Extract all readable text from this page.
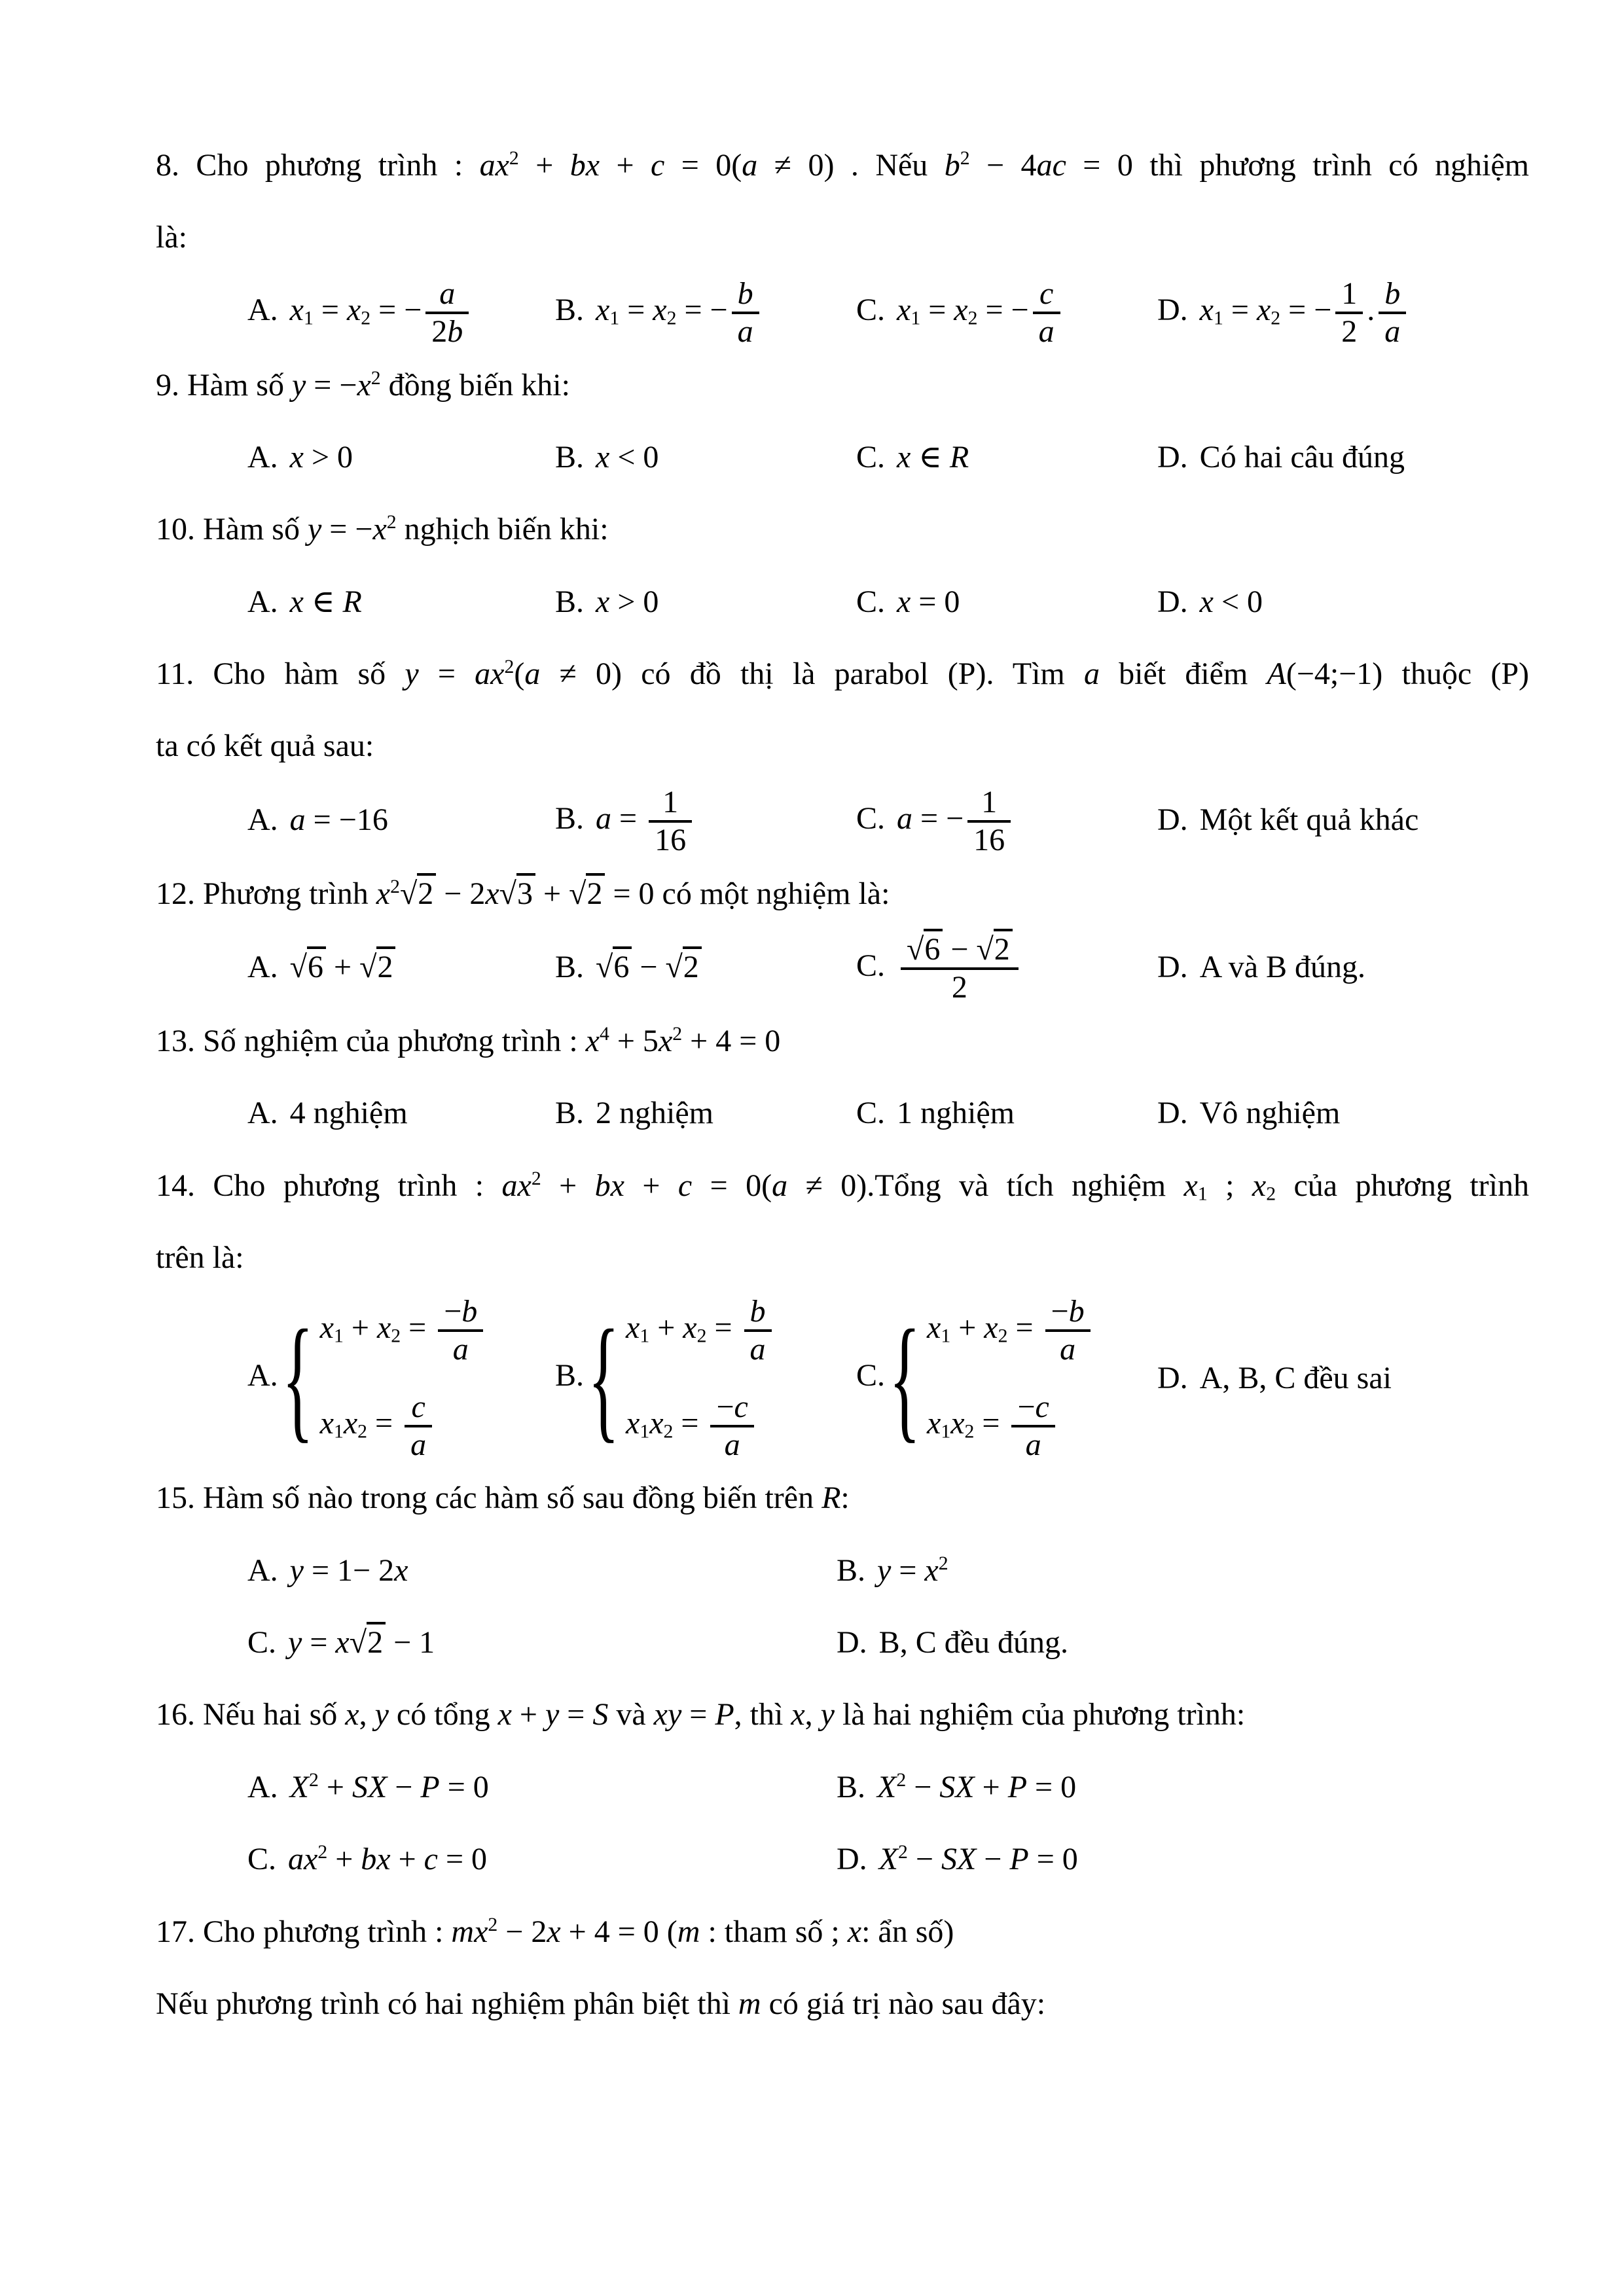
8. Cho phương trình : $ax^2$ + bx + c = 0(a ≠ 0) . Nếu $b^2 - 4ac = 0$ thì phương trình có nghiệm
là:
A. $x_1 = x_2$ = − $\frac{a}{2b}$	B. $x_1 = x_2$ = − $\frac{b}{a}$	C. $x_1 = x_2$ = − $\frac{c}{a}$	D. $x_1 = x_2$ = − $\frac{1}{2}$ . $\frac{b}{a}$
9. Hàm số $y = -x^2$ đồng biến khi:
A. x > 0	B. x < 0	C. x ∈ R	D. Có hai câu đúng
10. Hàm số $y = -x^2$ nghịch biến khi:
A. x ∈ R	B. x > 0	C. x = 0	D. x < 0
11. Cho hàm số $y = ax^2(a \ne 0)$ có đồ thị là parabol (P). Tìm a biết điểm A(−4;−1) thuộc (P)
ta có kết quả sau:
A. a = −16	B. $a = \frac{1}{16}$	C. a = − $\frac{1}{16}$	D. Một kết quả khác
12. Phương trình $x^2$ √ 2 − 2x √ 3 + √ 2 = 0 có một nghiệm là:
A. √ 6 + √ 2	B. √ 6 − √ 2	C. √ $\frac{6 - √ 2}{2}$	D. A và B đúng.
13. Số nghiệm của phương trình : $x^4 + 5x^2 + 4 = 0$
A. 4 nghiệm	B. 2 nghiệm	C. 1 nghiệm	D. Vô nghiệm
14. Cho phương trình : $ax^2$ + bx + c = 0(a ≠ 0).Tổng và tích nghiệm $x_1$ ; $x_2$ của phương trình
trên là:
A.
{ $x_1 + x_2 = \frac{-b}{a}$
$x_1x_2 = \frac{c}{a}$
B.
{ $x_1 + x_2 = \frac{b}{a}$
$x_1x_2 = \frac{-c}{a}$
C.
{ $x_1 + x_2 = \frac{-b}{a}$
$x_1x_2 = \frac{-c}{a}$
D. A, B, C đều sai
15. Hàm số nào trong các hàm số sau đồng biến trên R:
A. y = 1− 2x	B. $y = x^2$
C. y = x √ 2 − 1	D. B, C đều đúng.
16. Nếu hai số x, y có tổng x + y = S và xy = P, thì x, y là hai nghiệm của phương trình:
A. $X^2$ + SX − P = 0	B. $X^2$ − SX + P = 0
C. $ax^2$ + bx + c = 0	D. $X^2$ − SX − P = 0
17. Cho phương trình : $mx^2 - 2x + 4 = 0$ (m : tham số ; x: ẩn số)
Nếu phương trình có hai nghiệm phân biệt thì m có giá trị nào sau đây:
